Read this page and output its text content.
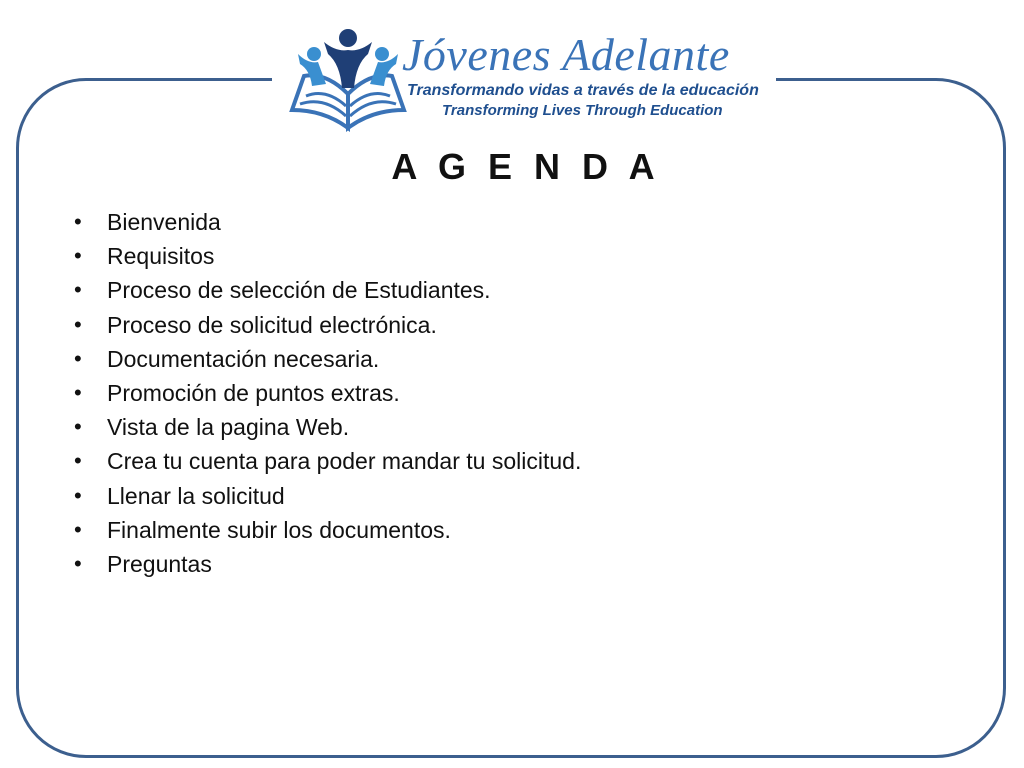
Jóvenes Adelante
Transformando vidas a través de la educación
Transforming Lives Through Education
A G E N D A
• Bienvenida
• Requisitos
• Proceso de selección de Estudiantes.
• Proceso de solicitud electrónica.
• Documentación necesaria.
• Promoción de puntos extras.
• Vista de la pagina Web.
• Crea tu cuenta para poder mandar tu solicitud.
• Llenar la solicitud
• Finalmente subir los documentos.
• Preguntas
